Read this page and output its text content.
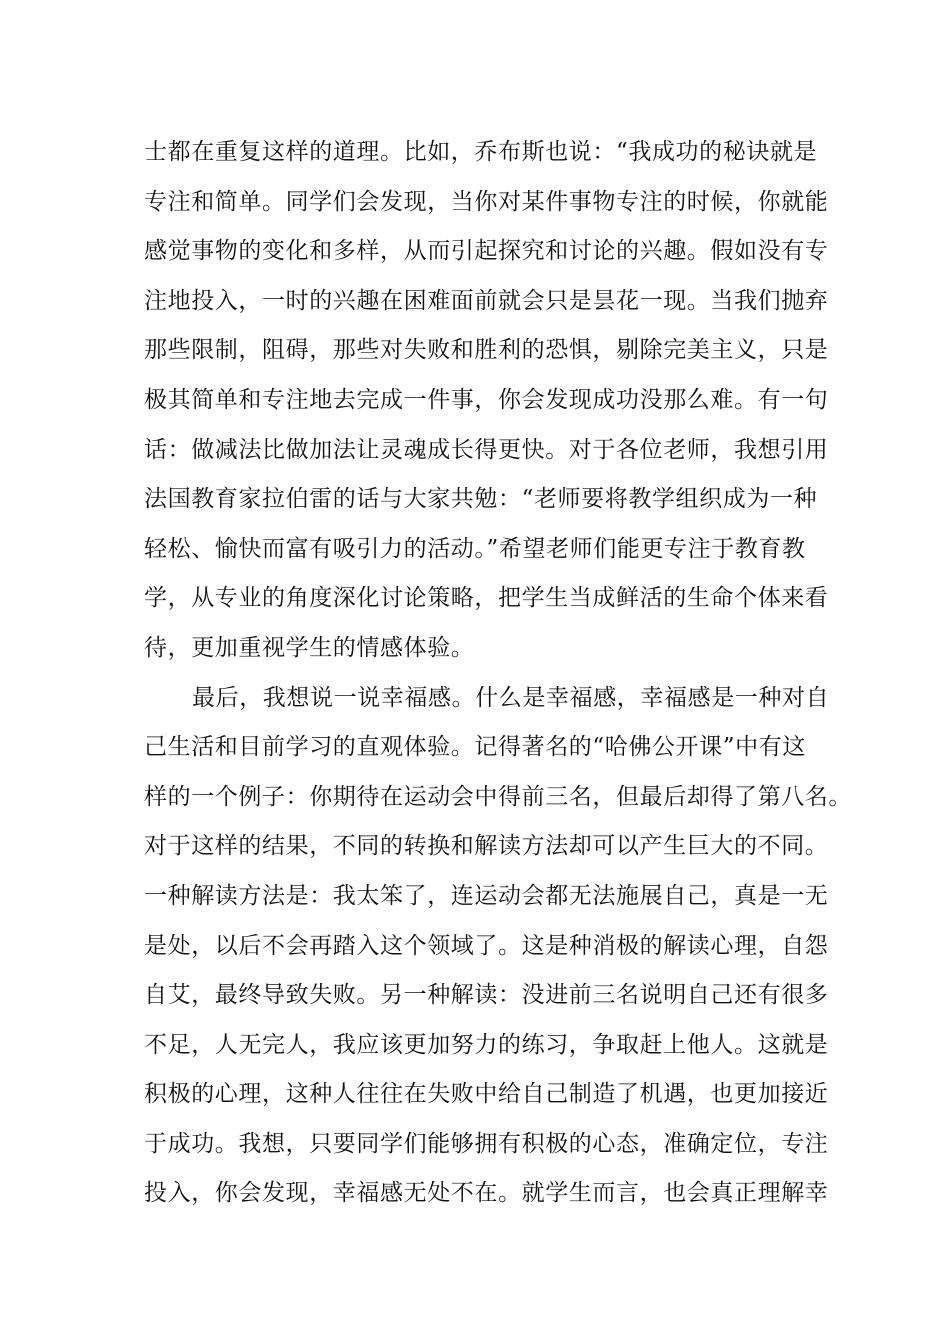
士都在重复这样的道理。比如，乔布斯也说：“我成功的秘诀就是
专注和简单。同学们会发现，当你对某件事物专注的时候，你就能
感觉事物的变化和多样，从而引起探究和讨论的兴趣。假如没有专
注地投入，一时的兴趣在困难面前就会只是昙花一现。当我们抛弃
那些限制，阻碍，那些对失败和胜利的恐惧，剔除完美主义，只是
极其简单和专注地去完成一件事，你会发现成功没那么难。有一句
话：做减法比做加法让灵魂成长得更快。对于各位老师，我想引用
法国教育家拉伯雷的话与大家共勉：“老师要将教学组织成为一种
轻松、愉快而富有吸引力的活动。”希望老师们能更专注于教育教
学，从专业的角度深化讨论策略，把学生当成鲜活的生命个体来看
待，更加重视学生的情感体验。
最后，我想说一说幸福感。什么是幸福感，幸福感是一种对自
己生活和目前学习的直观体验。记得著名的“哈佛公开课”中有这
样的一个例子：你期待在运动会中得前三名，但最后却得了第八名。
对于这样的结果，不同的转换和解读方法却可以产生巨大的不同。
一种解读方法是：我太笨了，连运动会都无法施展自己，真是一无
是处，以后不会再踏入这个领域了。这是种消极的解读心理，自怨
自艾，最终导致失败。另一种解读：没进前三名说明自己还有很多
不足，人无完人，我应该更加努力的练习，争取赶上他人。这就是
积极的心理，这种人往往在失败中给自己制造了机遇，也更加接近
于成功。我想，只要同学们能够拥有积极的心态，准确定位，专注
投入，你会发现，幸福感无处不在。就学生而言，也会真正理解幸
